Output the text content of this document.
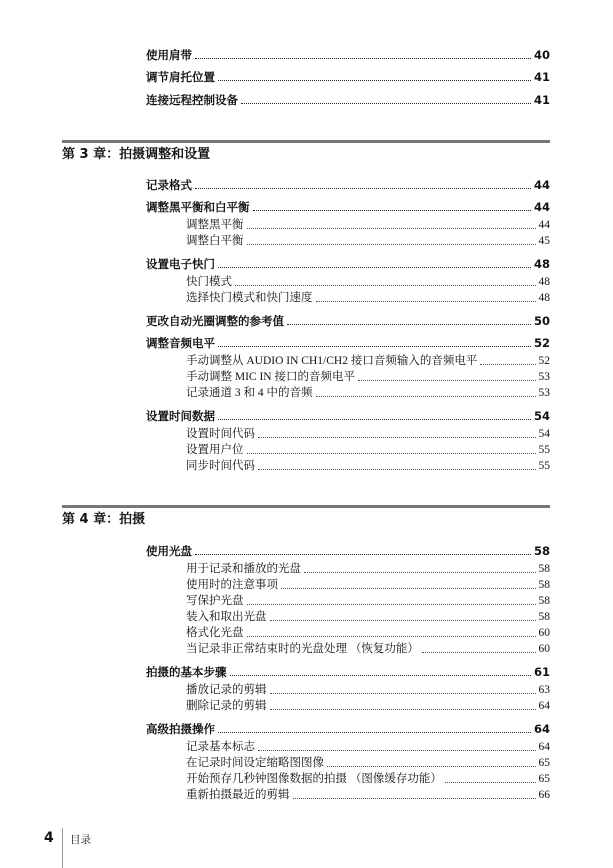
使用肩带	40
调节肩托位置	41
连接远程控制设备	41
第 3 章：拍摄调整和设置
记录格式	44
调整黑平衡和白平衡	44
调整黑平衡	44
调整白平衡	45
设置电子快门	48
快门模式	48
选择快门模式和快门速度	48
更改自动光圈调整的参考值	50
调整音频电平	52
手动调整从 AUDIO IN CH1/CH2 接口音频输入的音频电平	52
手动调整 MIC IN 接口的音频电平	53
记录通道 3 和 4 中的音频	53
设置时间数据	54
设置时间代码	54
设置用户位	55
同步时间代码	55
第 4 章：拍摄
使用光盘	58
用于记录和播放的光盘	58
使用时的注意事项	58
写保护光盘	58
装入和取出光盘	58
格式化光盘	60
当记录非正常结束时的光盘处理 （恢复功能）	60
拍摄的基本步骤	61
播放记录的剪辑	63
删除记录的剪辑	64
高级拍摄操作	64
记录基本标志	64
在记录时间设定缩略图图像	65
开始预存几秒钟图像数据的拍摄 （图像缓存功能）	65
重新拍摄最近的剪辑	66
4 目录
